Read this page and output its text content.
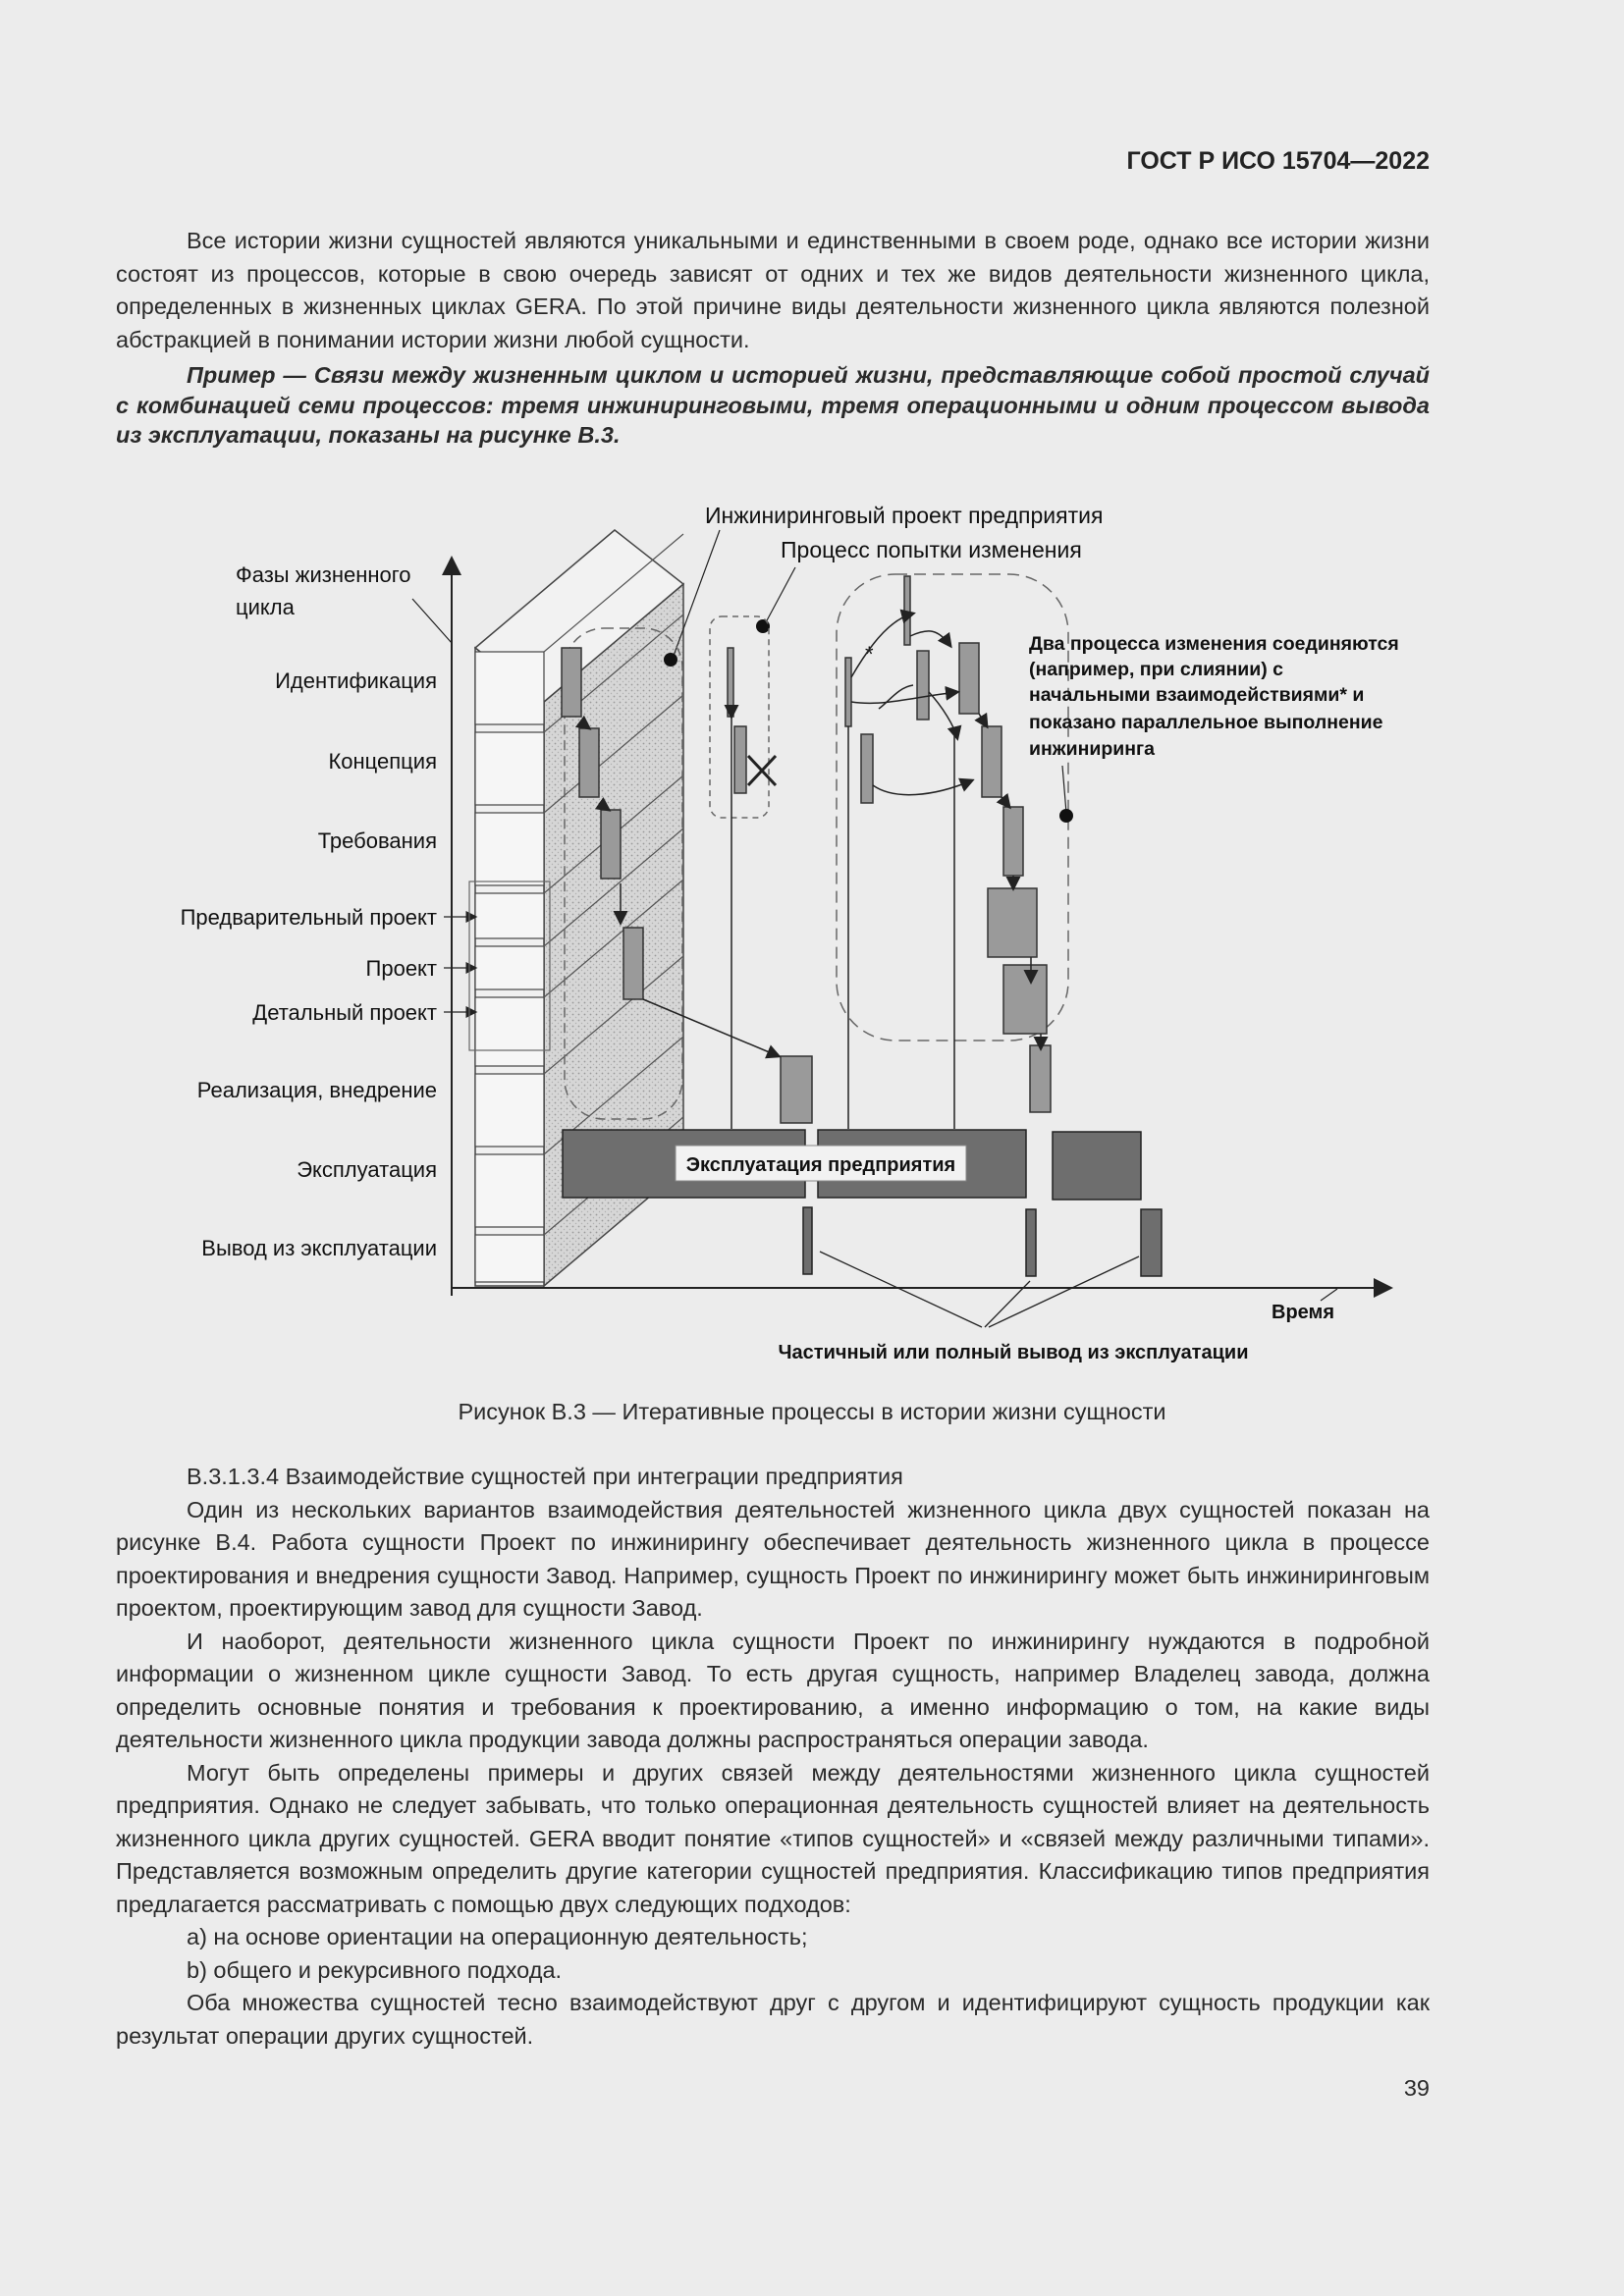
ГОСТ Р ИСО 15704—2022

Все истории жизни сущностей являются уникальными и единственными в своем роде, однако все истории жизни состоят из процессов, которые в свою очередь зависят от одних и тех же видов деятельности жизненного цикла, определенных в жизненных циклах GERA. По этой причине виды деятельности жизненного цикла являются полезной абстракцией в понимании истории жизни любой сущности.

Пример — Связи между жизненным циклом и историей жизни, представляющие собой простой случай с комбинацией семи процессов: тремя инжиниринговыми, тремя операционными и одним процессом вывода из эксплуатации, показаны на рисунке B.3.

Фазы жизненного
цикла
Идентификация
Концепция
Требования
Предварительный проект
Проект
Детальный проект
Реализация, внедрение
Эксплуатация
Вывод из эксплуатации
Инжиниринговый проект предприятия
Процесс попытки изменения
Два процесса изменения соединяются
(например, при слиянии) с
начальными взаимодействиями* и
показано параллельное выполнение
инжиниринга
*
Эксплуатация предприятия
Время
Частичный или полный вывод из эксплуатации
Рисунок B.3 — Итеративные процессы в истории жизни сущности

B.3.1.3.4 Взаимодействие сущностей при интеграции предприятия

Один из нескольких вариантов взаимодействия деятельностей жизненного цикла двух сущностей показан на рисунке B.4. Работа сущности Проект по инжинирингу обеспечивает деятельность жизненного цикла в процессе проектирования и внедрения сущности Завод. Например, сущность Проект по инжинирингу может быть инжиниринговым проектом, проектирующим завод для сущности Завод.

И наоборот, деятельности жизненного цикла сущности Проект по инжинирингу нуждаются в подробной информации о жизненном цикле сущности Завод. То есть другая сущность, например Владелец завода, должна определить основные понятия и требования к проектированию, а именно информацию о том, на какие виды деятельности жизненного цикла продукции завода должны распространяться операции завода.

Могут быть определены примеры и других связей между деятельностями жизненного цикла сущностей предприятия. Однако не следует забывать, что только операционная деятельность сущностей влияет на деятельность жизненного цикла других сущностей. GERA вводит понятие «типов сущностей» и «связей между различными типами». Представляется возможным определить другие категории сущностей предприятия. Классификацию типов предприятия предлагается рассматривать с помощью двух следующих подходов:

a) на основе ориентации на операционную деятельность;

b) общего и рекурсивного подхода.

Оба множества сущностей тесно взаимодействуют друг с другом и идентифицируют сущность продукции как результат операции других сущностей.

39
